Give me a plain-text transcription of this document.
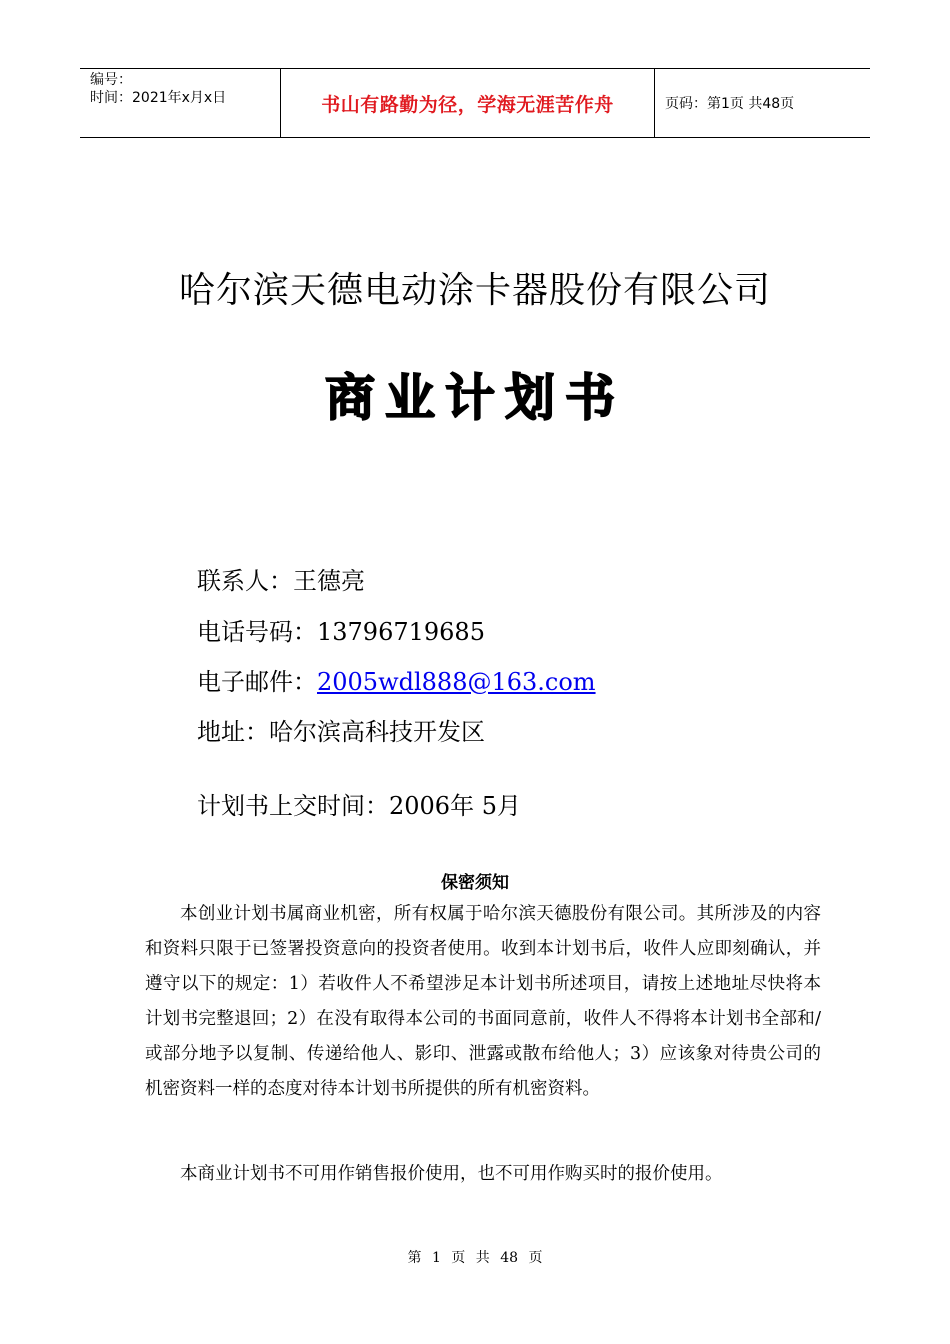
编号：
时间：2021年x月x日	书山有路勤为径，学海无涯苦作舟	页码：第1页 共48页
哈尔滨天德电动涂卡器股份有限公司
商业计划书
联系人：王德亮
电话号码：13796719685
电子邮件：2005wdl888@163.com
地址：哈尔滨高科技开发区
计划书上交时间：2006年 5月
保密须知

本创业计划书属商业机密，所有权属于哈尔滨天德股份有限公司。其所涉及的内容和资料只限于已签署投资意向的投资者使用。收到本计划书后，收件人应即刻确认，并遵守以下的规定：1）若收件人不希望涉足本计划书所述项目，请按上述地址尽快将本计划书完整退回；2）在没有取得本公司的书面同意前，收件人不得将本计划书全部和/或部分地予以复制、传递给他人、影印、泄露或散布给他人；3）应该象对待贵公司的机密资料一样的态度对待本计划书所提供的所有机密资料。

本商业计划书不可用作销售报价使用，也不可用作购买时的报价使用。

第 1 页 共 48 页
